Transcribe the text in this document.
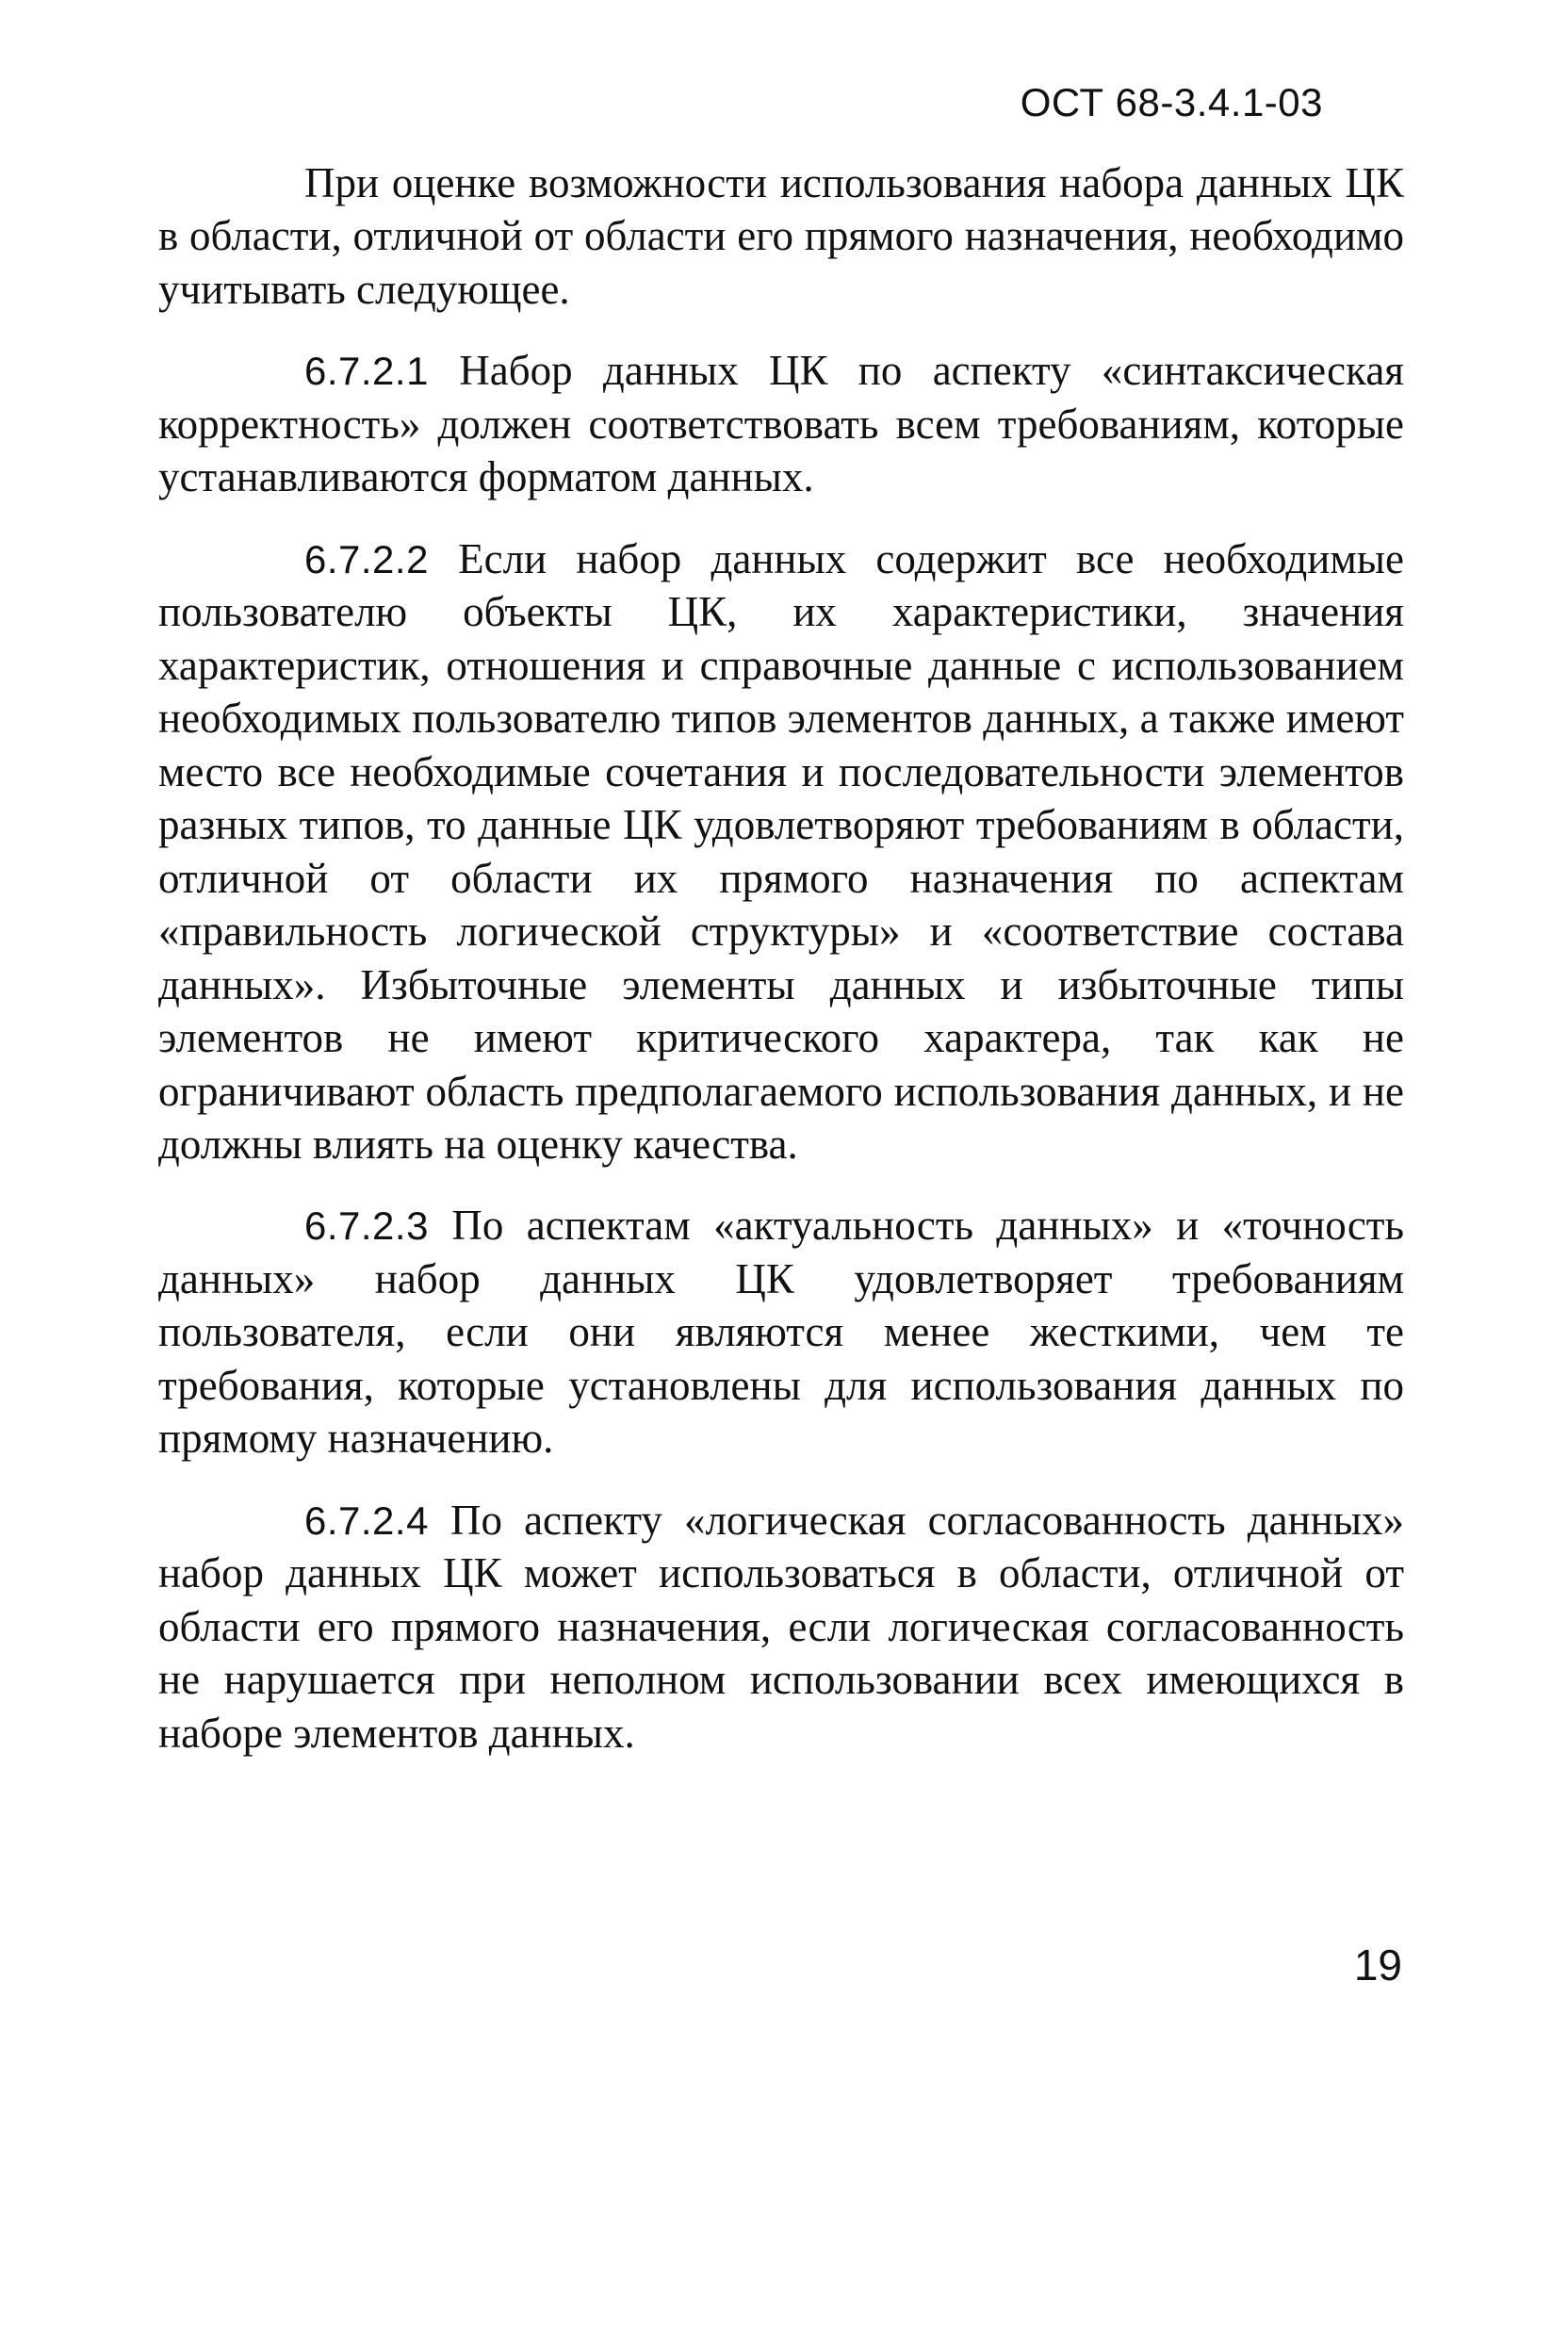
ОСТ 68-3.4.1-03

При оценке возможности использования набора данных ЦК в области, отличной от области его прямого назначения, необходимо учитывать следующее.

6.7.2.1 Набор данных ЦК по аспекту «синтаксическая корректность» должен соответствовать всем требованиям, которые устанавливаются форматом данных.

6.7.2.2 Если набор данных содержит все необходимые пользователю объекты ЦК, их характеристики, значения характеристик, отношения и справочные данные с использованием необходимых пользователю типов элементов данных, а также имеют место все необходимые сочетания и последовательности элементов разных типов, то данные ЦК удовлетворяют требованиям в области, отличной от области их прямого назначения по аспектам «правильность логической структуры» и «соответствие состава данных». Избыточные элементы данных и избыточные типы элементов не имеют критического характера, так как не ограничивают область предполагаемого использования данных, и не должны влиять на оценку качества.

6.7.2.3 По аспектам «актуальность данных» и «точность данных» набор данных ЦК удовлетворяет требованиям пользователя, если они являются менее жесткими, чем те требования, которые установлены для использования данных по прямому назначению.

6.7.2.4 По аспекту «логическая согласованность данных» набор данных ЦК может использоваться в области, отличной от области его прямого назначения, если логическая согласованность не нарушается при неполном использовании всех имеющихся в наборе элементов данных.

19
